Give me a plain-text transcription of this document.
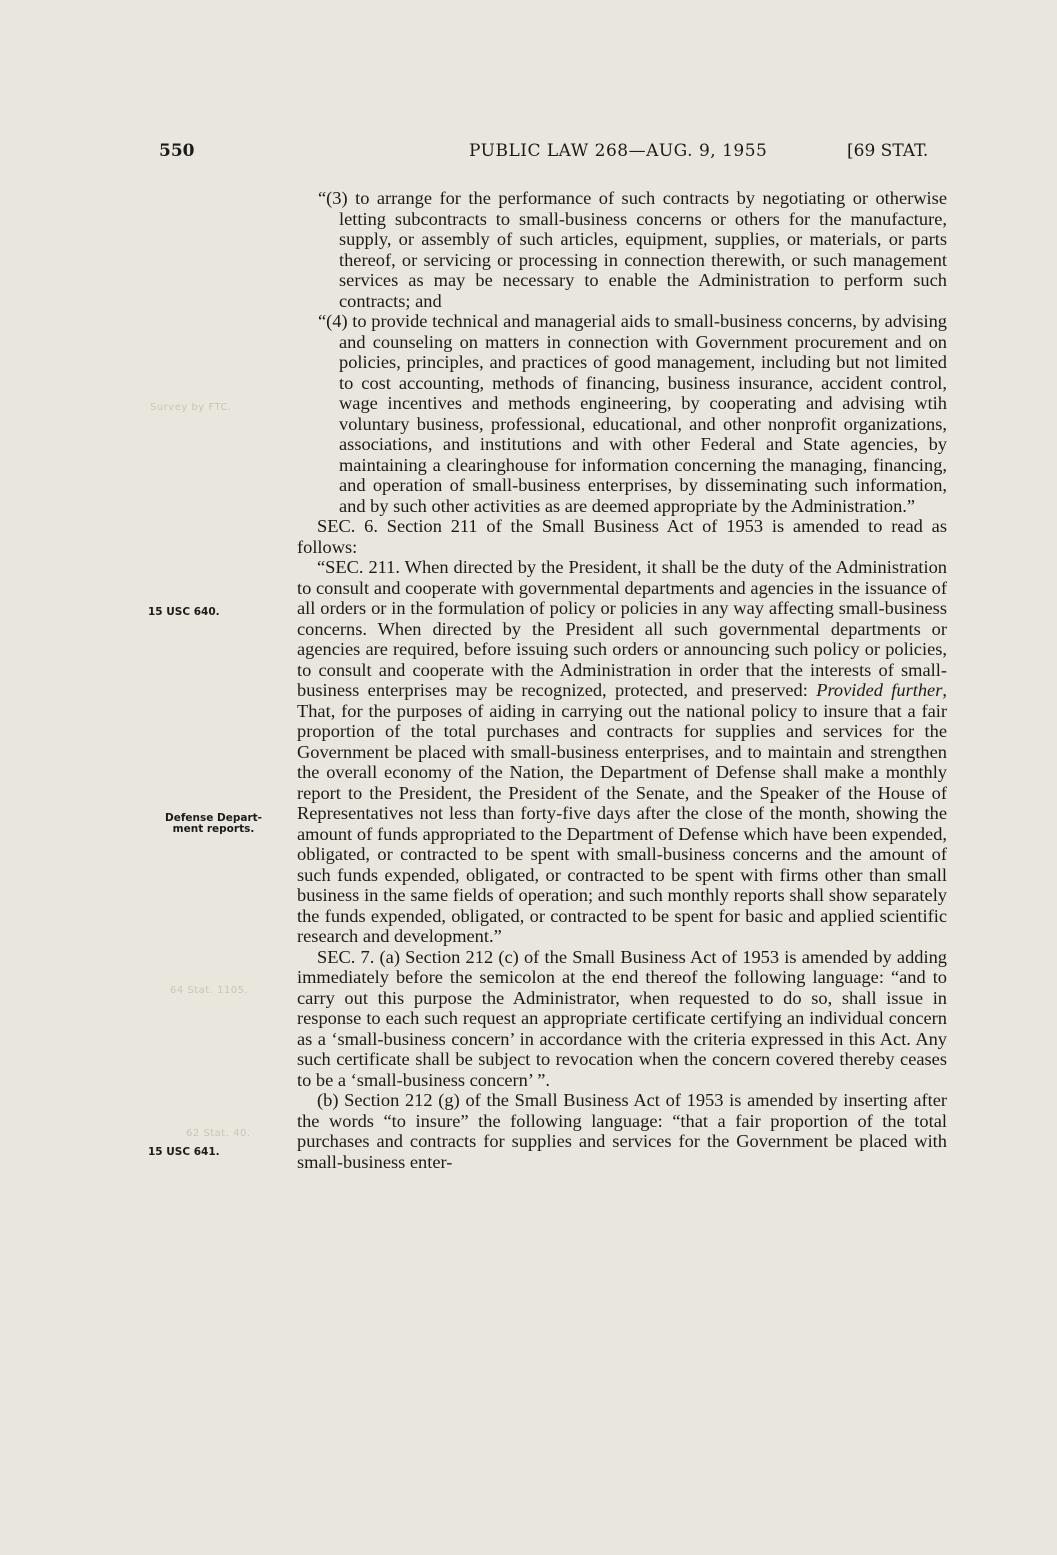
550	PUBLIC LAW 268—AUG. 9, 1955	[69 STAT.
Survey by FTC.
64 Stat. 1105.
62 Stat. 40.
15 USC 640.
Defense Depart-
ment reports.
15 USC 641.

“(3) to arrange for the performance of such contracts by negotiating or otherwise letting subcontracts to small-business concerns or others for the manufacture, supply, or assembly of such articles, equipment, supplies, or materials, or parts thereof, or servicing or processing in connection therewith, or such management services as may be necessary to enable the Administration to perform such contracts; and

“(4) to provide technical and managerial aids to small-business concerns, by advising and counseling on matters in connection with Government procurement and on policies, principles, and practices of good management, including but not limited to cost accounting, methods of financing, business insurance, accident control, wage incentives and methods engineering, by cooperating and advising wtih voluntary business, professional, educational, and other nonprofit organizations, associations, and institutions and with other Federal and State agencies, by maintaining a clearinghouse for information concerning the managing, financing, and operation of small-business enterprises, by disseminating such information, and by such other activities as are deemed appropriate by the Administration.”

SEC. 6. Section 211 of the Small Business Act of 1953 is amended to read as follows:

“SEC. 211. When directed by the President, it shall be the duty of the Administration to consult and cooperate with governmental departments and agencies in the issuance of all orders or in the formulation of policy or policies in any way affecting small-business concerns. When directed by the President all such governmental departments or agencies are required, before issuing such orders or announcing such policy or policies, to consult and cooperate with the Administration in order that the interests of small-business enterprises may be recognized, protected, and preserved: Provided further, That, for the purposes of aiding in carrying out the national policy to insure that a fair proportion of the total purchases and contracts for supplies and services for the Government be placed with small-business enterprises, and to maintain and strengthen the overall economy of the Nation, the Department of Defense shall make a monthly report to the President, the President of the Senate, and the Speaker of the House of Representatives not less than forty-five days after the close of the month, showing the amount of funds appropriated to the Department of Defense which have been expended, obligated, or contracted to be spent with small-business concerns and the amount of such funds expended, obligated, or contracted to be spent with firms other than small business in the same fields of operation; and such monthly reports shall show separately the funds expended, obligated, or contracted to be spent for basic and applied scientific research and development.”

SEC. 7. (a) Section 212 (c) of the Small Business Act of 1953 is amended by adding immediately before the semicolon at the end thereof the following language: “and to carry out this purpose the Administrator, when requested to do so, shall issue in response to each such request an appropriate certificate certifying an individual concern as a ‘small-business concern’ in accordance with the criteria expressed in this Act. Any such certificate shall be subject to revocation when the concern covered thereby ceases to be a ‘small-business concern’ ”.

(b) Section 212 (g) of the Small Business Act of 1953 is amended by inserting after the words “to insure” the following language: “that a fair proportion of the total purchases and contracts for supplies and services for the Government be placed with small-business enter-
